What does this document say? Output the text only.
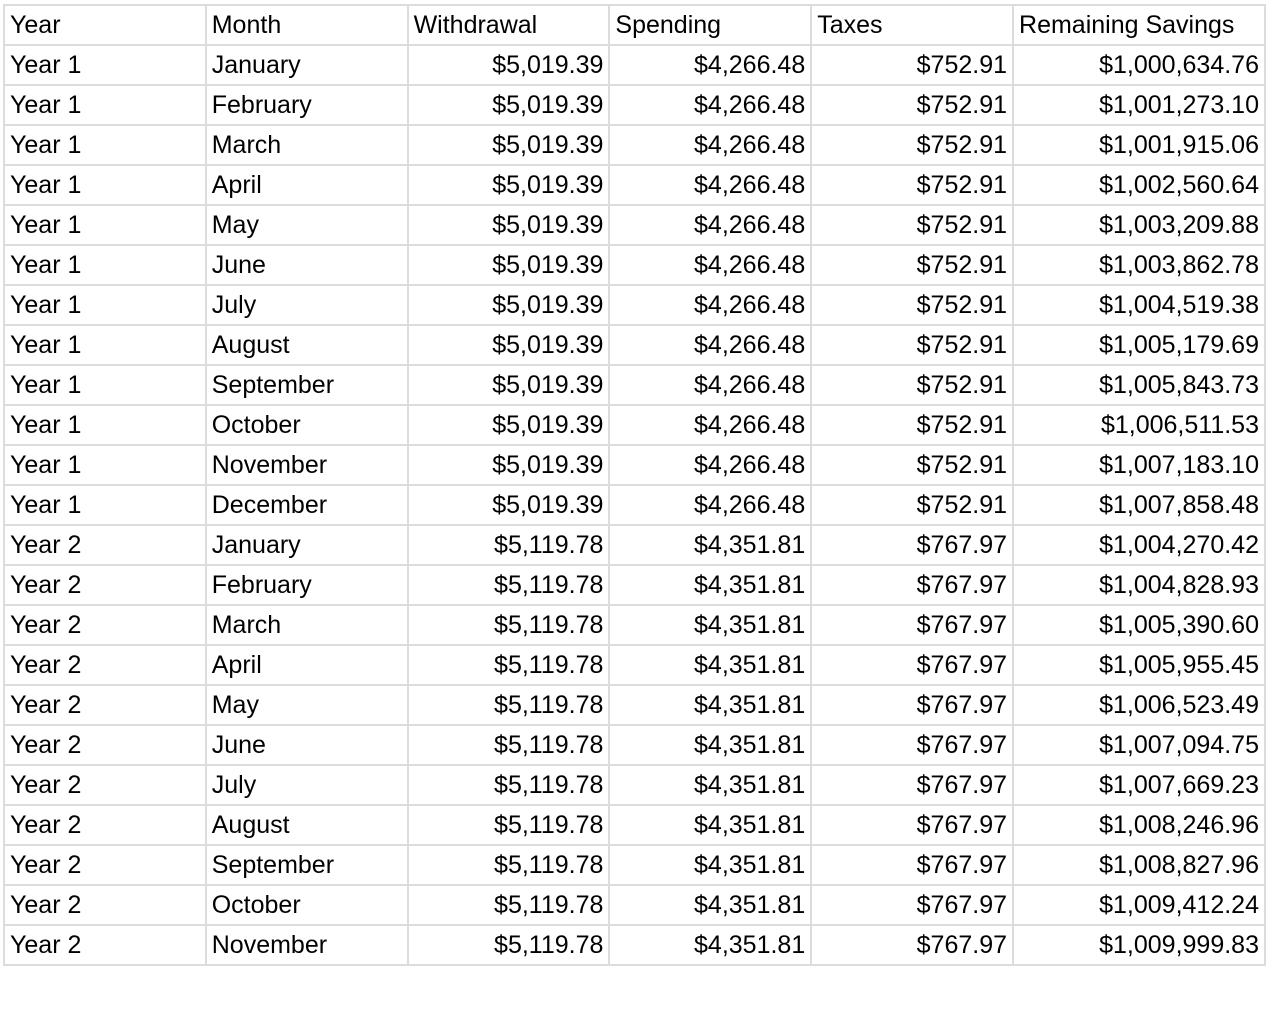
Year	Month	Withdrawal	Spending	Taxes	Remaining Savings
Year 1	January	$5,019.39	$4,266.48	$752.91	$1,000,634.76
Year 1	February	$5,019.39	$4,266.48	$752.91	$1,001,273.10
Year 1	March	$5,019.39	$4,266.48	$752.91	$1,001,915.06
Year 1	April	$5,019.39	$4,266.48	$752.91	$1,002,560.64
Year 1	May	$5,019.39	$4,266.48	$752.91	$1,003,209.88
Year 1	June	$5,019.39	$4,266.48	$752.91	$1,003,862.78
Year 1	July	$5,019.39	$4,266.48	$752.91	$1,004,519.38
Year 1	August	$5,019.39	$4,266.48	$752.91	$1,005,179.69
Year 1	September	$5,019.39	$4,266.48	$752.91	$1,005,843.73
Year 1	October	$5,019.39	$4,266.48	$752.91	$1,006,511.53
Year 1	November	$5,019.39	$4,266.48	$752.91	$1,007,183.10
Year 1	December	$5,019.39	$4,266.48	$752.91	$1,007,858.48
Year 2	January	$5,119.78	$4,351.81	$767.97	$1,004,270.42
Year 2	February	$5,119.78	$4,351.81	$767.97	$1,004,828.93
Year 2	March	$5,119.78	$4,351.81	$767.97	$1,005,390.60
Year 2	April	$5,119.78	$4,351.81	$767.97	$1,005,955.45
Year 2	May	$5,119.78	$4,351.81	$767.97	$1,006,523.49
Year 2	June	$5,119.78	$4,351.81	$767.97	$1,007,094.75
Year 2	July	$5,119.78	$4,351.81	$767.97	$1,007,669.23
Year 2	August	$5,119.78	$4,351.81	$767.97	$1,008,246.96
Year 2	September	$5,119.78	$4,351.81	$767.97	$1,008,827.96
Year 2	October	$5,119.78	$4,351.81	$767.97	$1,009,412.24
Year 2	November	$5,119.78	$4,351.81	$767.97	$1,009,999.83
